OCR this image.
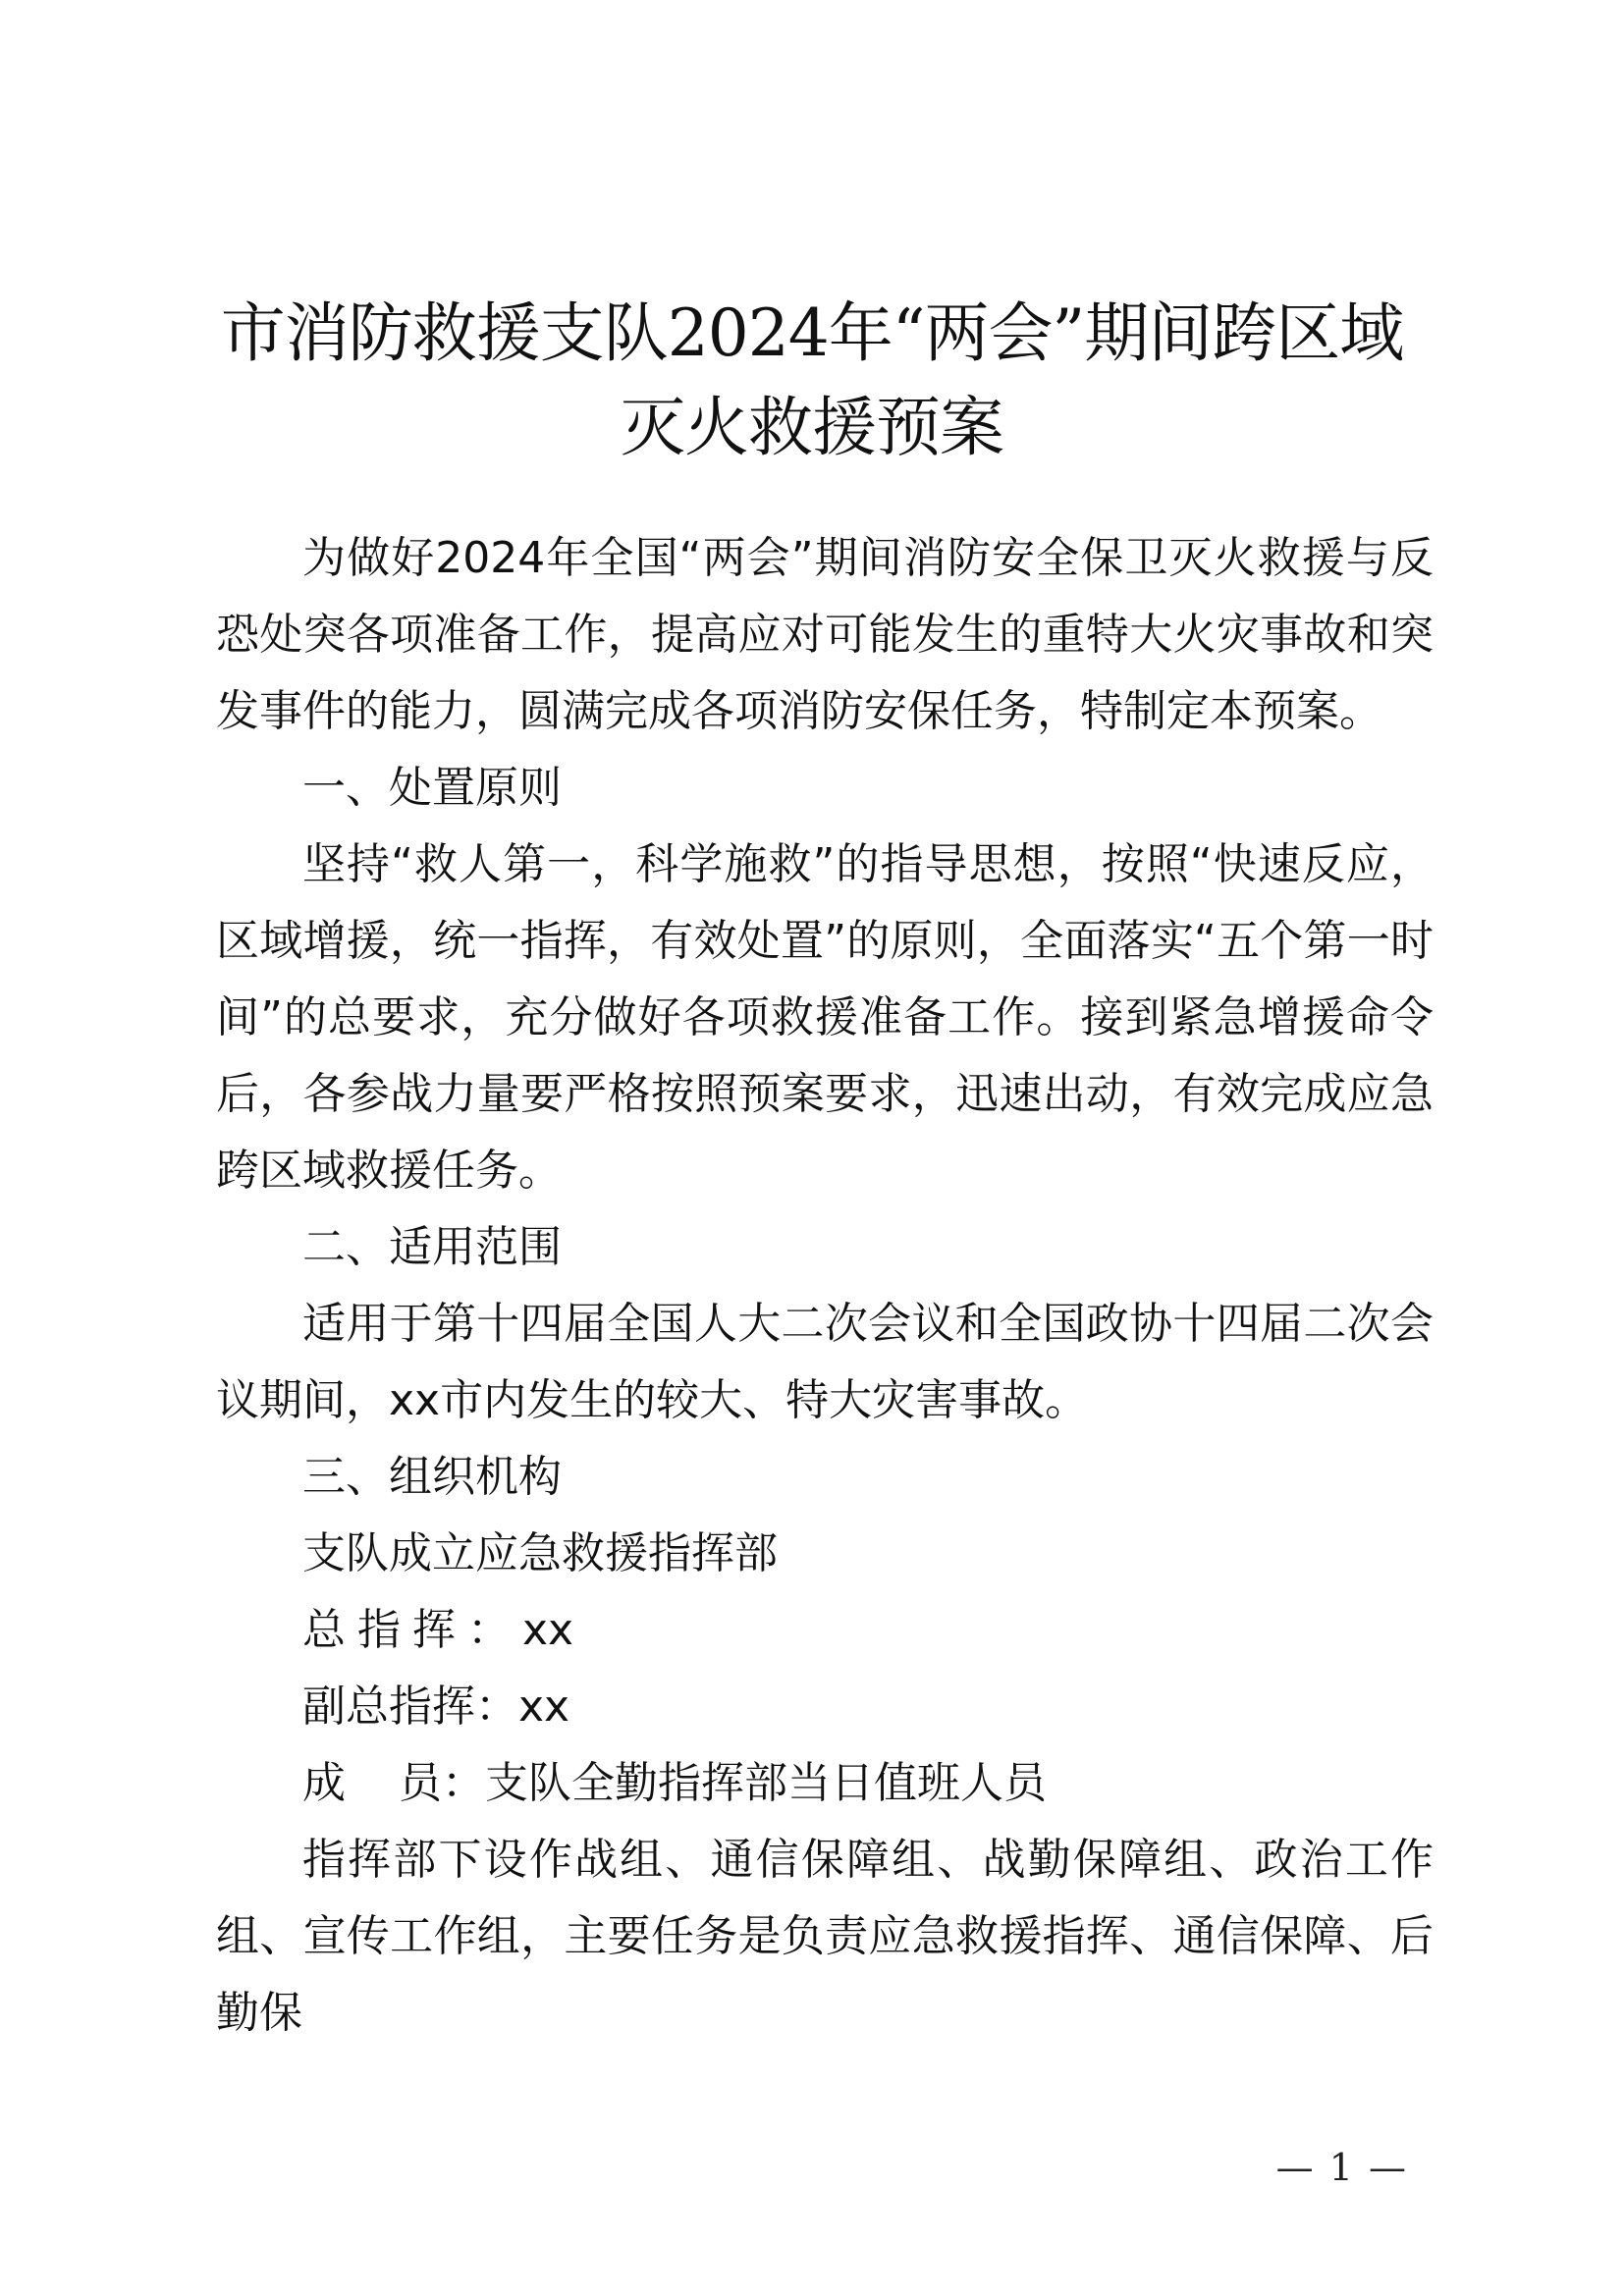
市消防救援支队2024年“两会”期间跨区域灭火救援预案

为做好2024年全国“两会”期间消防安全保卫灭火救援与反恐处突各项准备工作，提高应对可能发生的重特大火灾事故和突发事件的能力，圆满完成各项消防安保任务，特制定本预案。

一、处置原则

坚持“救人第一，科学施救”的指导思想，按照“快速反应，区域增援，统一指挥，有效处置”的原则，全面落实“五个第一时间”的总要求，充分做好各项救援准备工作。接到紧急增援命令后，各参战力量要严格按照预案要求，迅速出动，有效完成应急跨区域救援任务。

二、适用范围

适用于第十四届全国人大二次会议和全国政协十四届二次会议期间，xx市内发生的较大、特大灾害事故。

三、组织机构

支队成立应急救援指挥部

总指挥：xx

副总指挥：xx

成 员：支队全勤指挥部当日值班人员

指挥部下设作战组、通信保障组、战勤保障组、政治工作组、宣传工作组，主要任务是负责应急救援指挥、通信保障、后勤保

— 1 —
